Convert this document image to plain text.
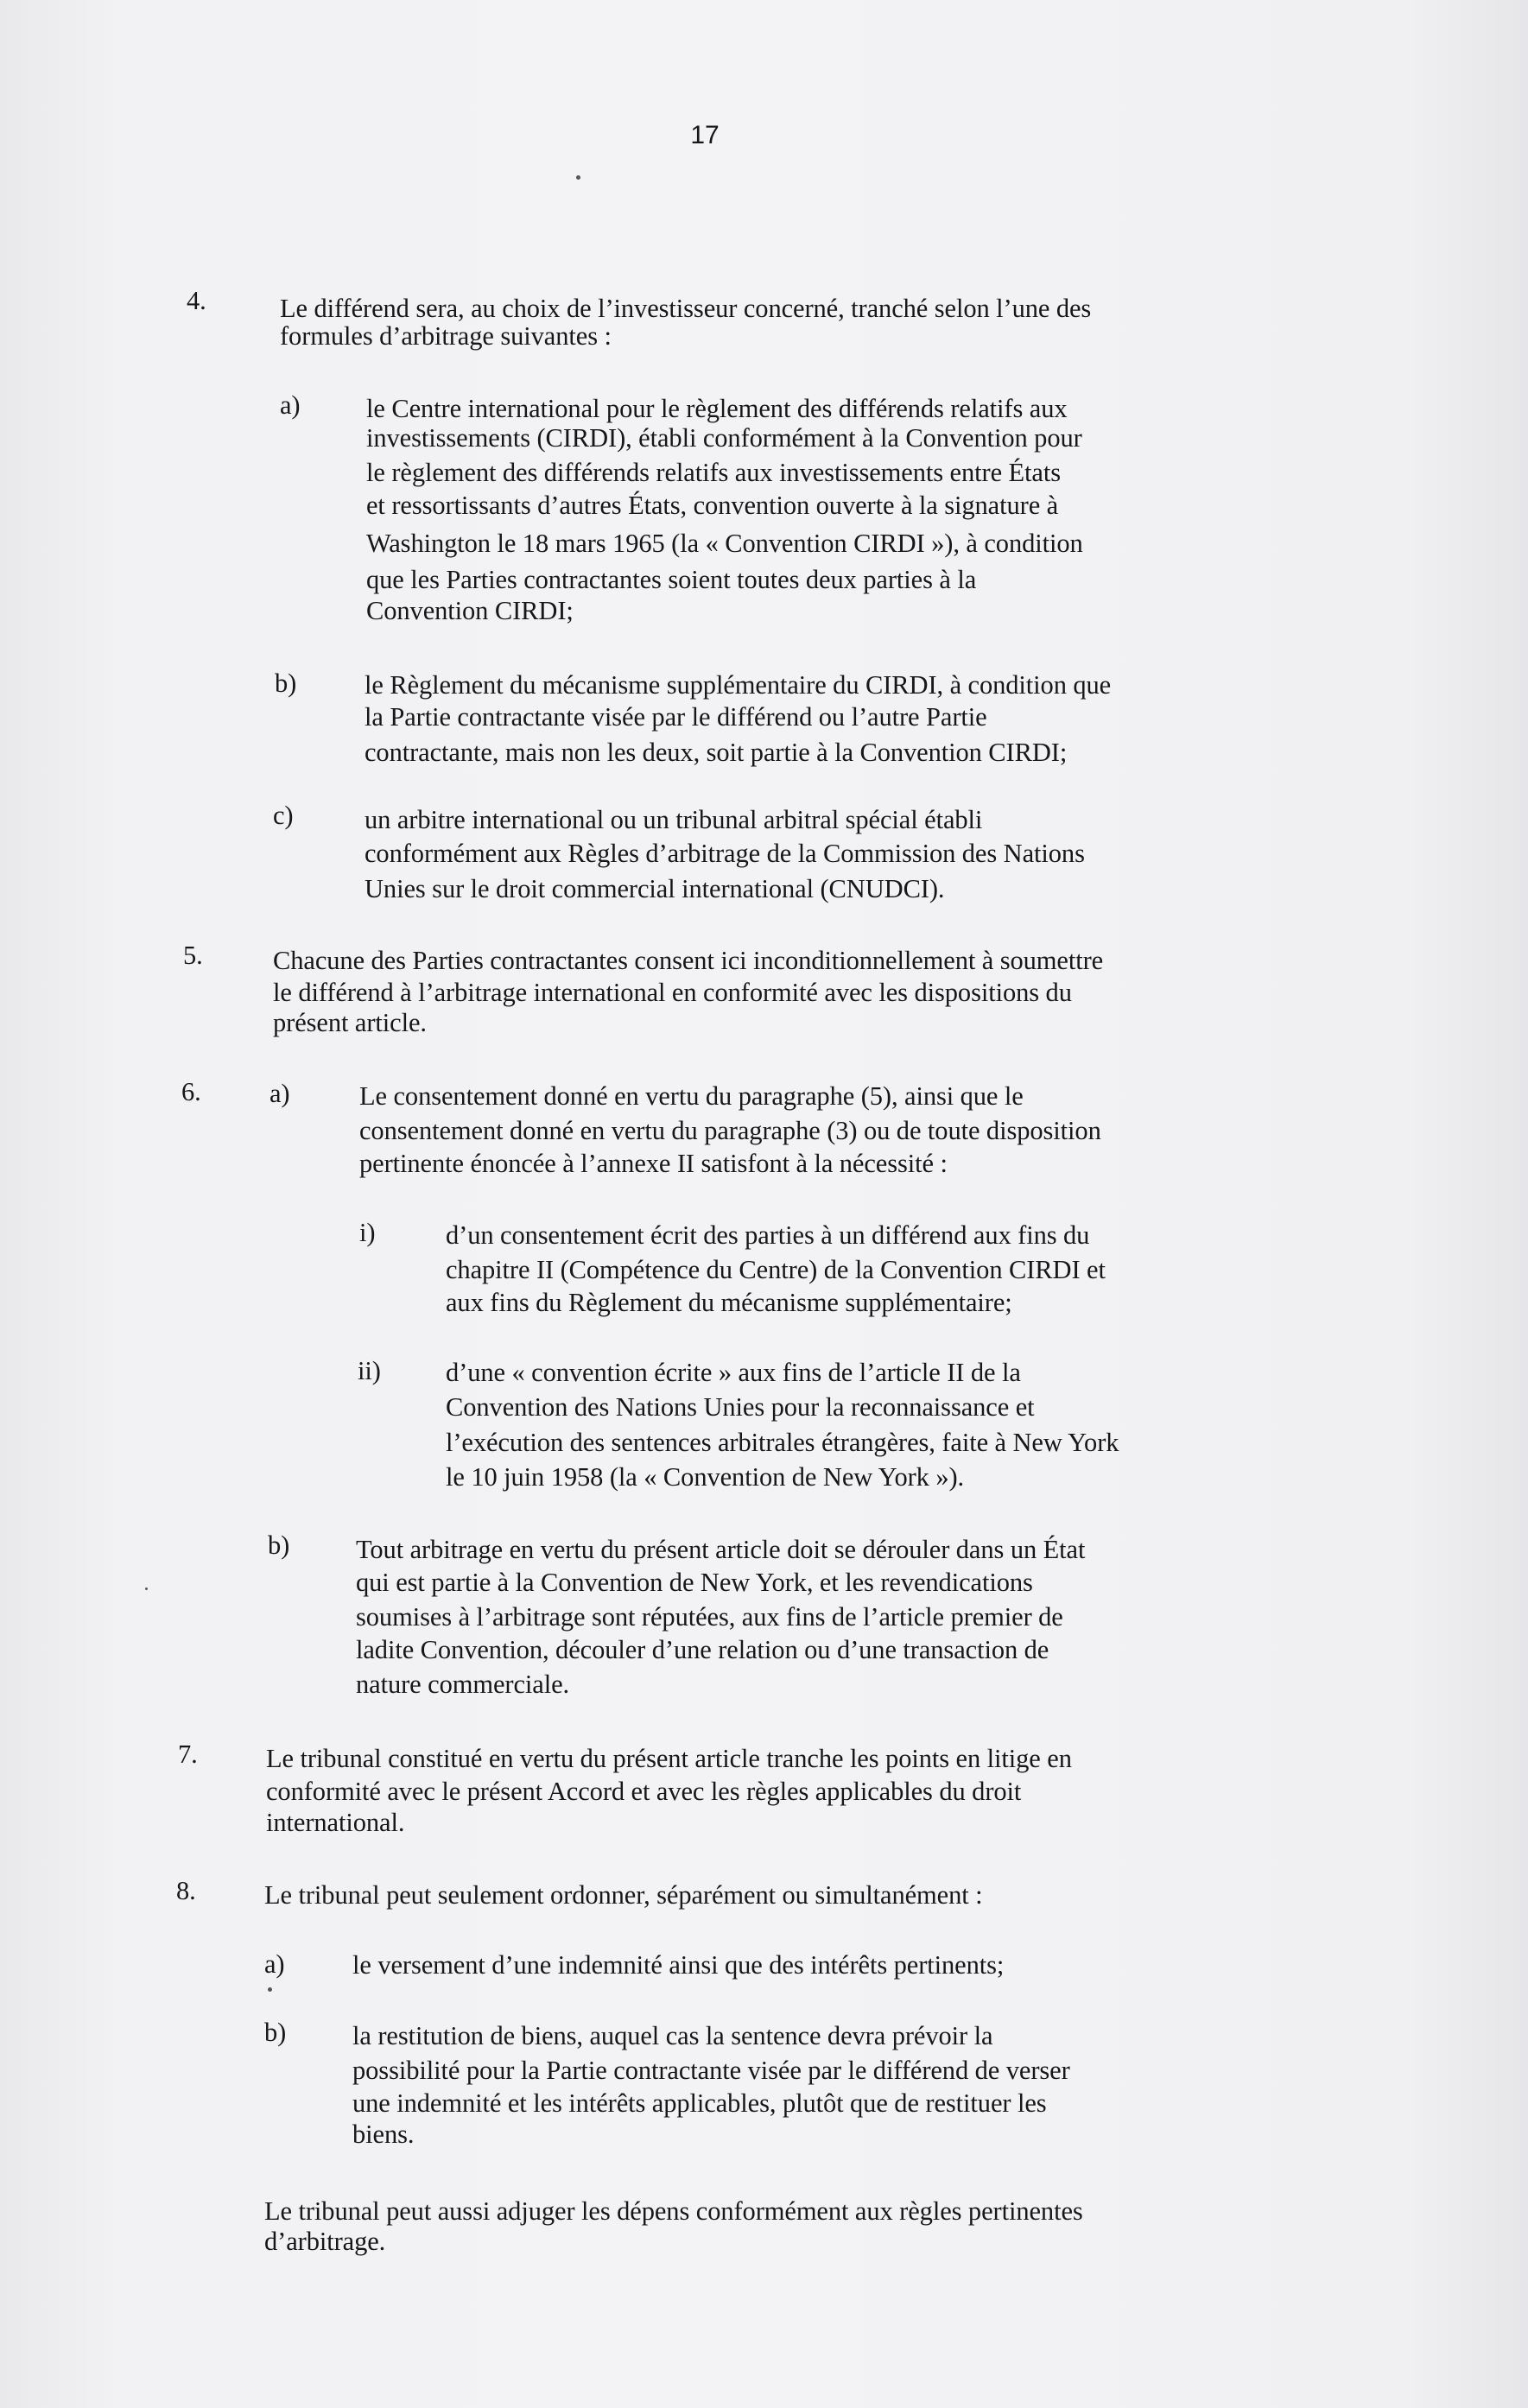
17
4.	Le différend sera, au choix de l’investisseur concerné, tranché selon l’une des
formules d’arbitrage suivantes :
a)	le Centre international pour le règlement des différends relatifs aux
investissements (CIRDI), établi conformément à la Convention pour
le règlement des différends relatifs aux investissements entre États
et ressortissants d’autres États, convention ouverte à la signature à
Washington le 18 mars 1965 (la « Convention CIRDI »), à condition
que les Parties contractantes soient toutes deux parties à la
Convention CIRDI;
b)	le Règlement du mécanisme supplémentaire du CIRDI, à condition que
la Partie contractante visée par le différend ou l’autre Partie
contractante, mais non les deux, soit partie à la Convention CIRDI;
c)	un arbitre international ou un tribunal arbitral spécial établi
conformément aux Règles d’arbitrage de la Commission des Nations
Unies sur le droit commercial international (CNUDCI).
5.	Chacune des Parties contractantes consent ici inconditionnellement à soumettre
le différend à l’arbitrage international en conformité avec les dispositions du
présent article.
6.	a)	Le consentement donné en vertu du paragraphe (5), ainsi que le
consentement donné en vertu du paragraphe (3) ou de toute disposition
pertinente énoncée à l’annexe II satisfont à la nécessité :
i)	d’un consentement écrit des parties à un différend aux fins du
chapitre II (Compétence du Centre) de la Convention CIRDI et
aux fins du Règlement du mécanisme supplémentaire;
ii) d’une « convention écrite » aux fins de l’article II de la
Convention des Nations Unies pour la reconnaissance et
l’exécution des sentences arbitrales étrangères, faite à New York
le 10 juin 1958 (la « Convention de New York »).
b)	Tout arbitrage en vertu du présent article doit se dérouler dans un État
qui est partie à la Convention de New York, et les revendications
soumises à l’arbitrage sont réputées, aux fins de l’article premier de
ladite Convention, découler d’une relation ou d’une transaction de
nature commerciale.
7.	Le tribunal constitué en vertu du présent article tranche les points en litige en
conformité avec le présent Accord et avec les règles applicables du droit
international.
8.	Le tribunal peut seulement ordonner, séparément ou simultanément :
a)	le versement d’une indemnité ainsi que des intérêts pertinents;
b)	la restitution de biens, auquel cas la sentence devra prévoir la
possibilité pour la Partie contractante visée par le différend de verser
une indemnité et les intérêts applicables, plutôt que de restituer les
biens.
Le tribunal peut aussi adjuger les dépens conformément aux règles pertinentes
d’arbitrage.
